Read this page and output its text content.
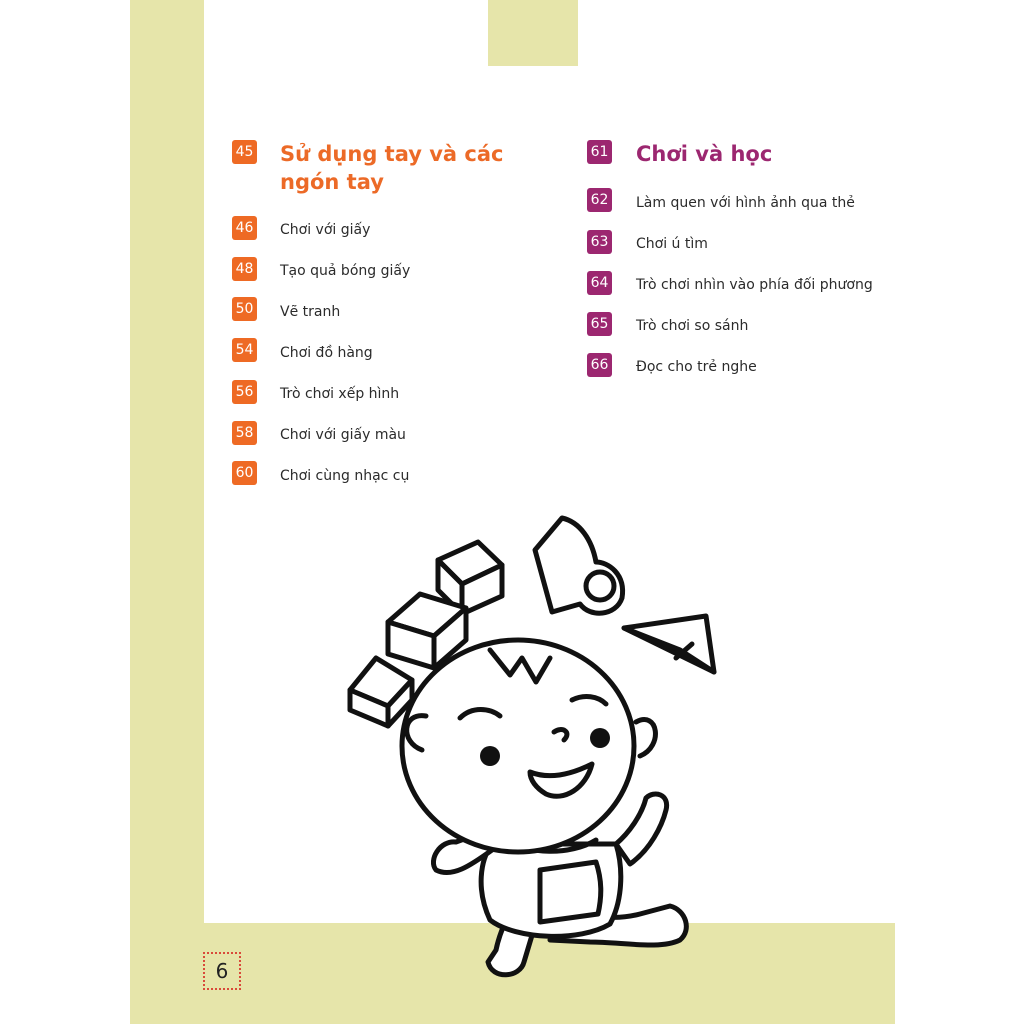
45 Sử dụng tay và các ngón tay
46 Chơi với giấy
48 Tạo quả bóng giấy
50 Vẽ tranh
54 Chơi đồ hàng
56 Trò chơi xếp hình
58 Chơi với giấy màu
60 Chơi cùng nhạc cụ
61 Chơi và học
62 Làm quen với hình ảnh qua thẻ
63 Chơi ú tìm
64 Trò chơi nhìn vào phía đối phương
65 Trò chơi so sánh
66 Đọc cho trẻ nghe
6
